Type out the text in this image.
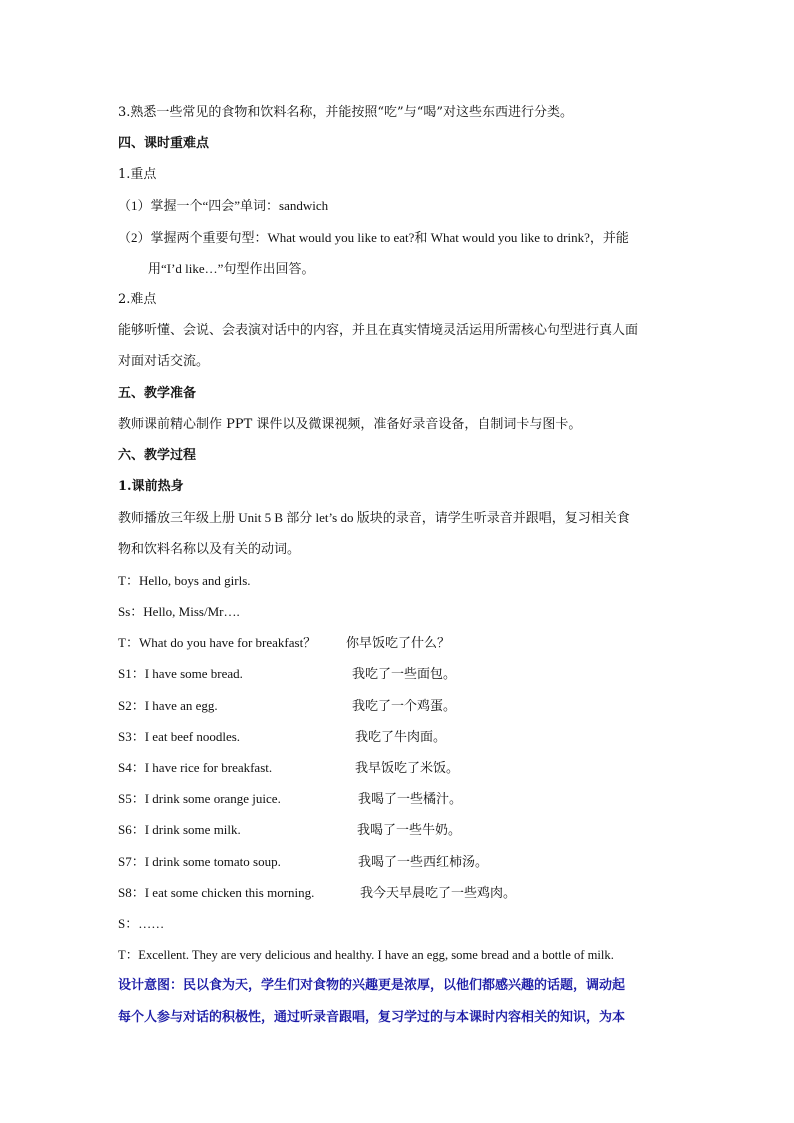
3.熟悉一些常见的食物和饮料名称，并能按照“吃”与“喝”对这些东西进行分类。
四、课时重难点
1.重点
（1）掌握一个“四会”单词：sandwich
（2）掌握两个重要句型：What would you like to eat?和 What would you like to drink?，并能
用“I’d like…”句型作出回答。
2.难点
能够听懂、会说、会表演对话中的内容，并且在真实情境灵活运用所需核心句型进行真人面
对面对话交流。
五、教学准备
教师课前精心制作 PPT 课件以及微课视频，准备好录音设备，自制词卡与图卡。
六、教学过程
1.课前热身
教师播放三年级上册 Unit 5 B 部分 let’s do 版块的录音，请学生听录音并跟唱，复习相关食
物和饮料名称以及有关的动词。
T：Hello, boys and girls.
Ss：Hello, Miss/Mr….
T：What do you have for breakfast？ 你早饭吃了什么？
S1：I have some bread.	我吃了一些面包。
S2：I have an egg.	我吃了一个鸡蛋。
S3：I eat beef noodles.	我吃了牛肉面。
S4：I have rice for breakfast.	我早饭吃了米饭。
S5：I drink some orange juice.	我喝了一些橘汁。
S6：I drink some milk.	我喝了一些牛奶。
S7：I drink some tomato soup.	我喝了一些西红柿汤。
S8：I eat some chicken this morning.	我今天早晨吃了一些鸡肉。
S：……
T：Excellent. They are very delicious and healthy. I have an egg, some bread and a bottle of milk.
设计意图：民以食为天，学生们对食物的兴趣更是浓厚，以他们都感兴趣的话题，调动起
每个人参与对话的积极性，通过听录音跟唱，复习学过的与本课时内容相关的知识，为本
